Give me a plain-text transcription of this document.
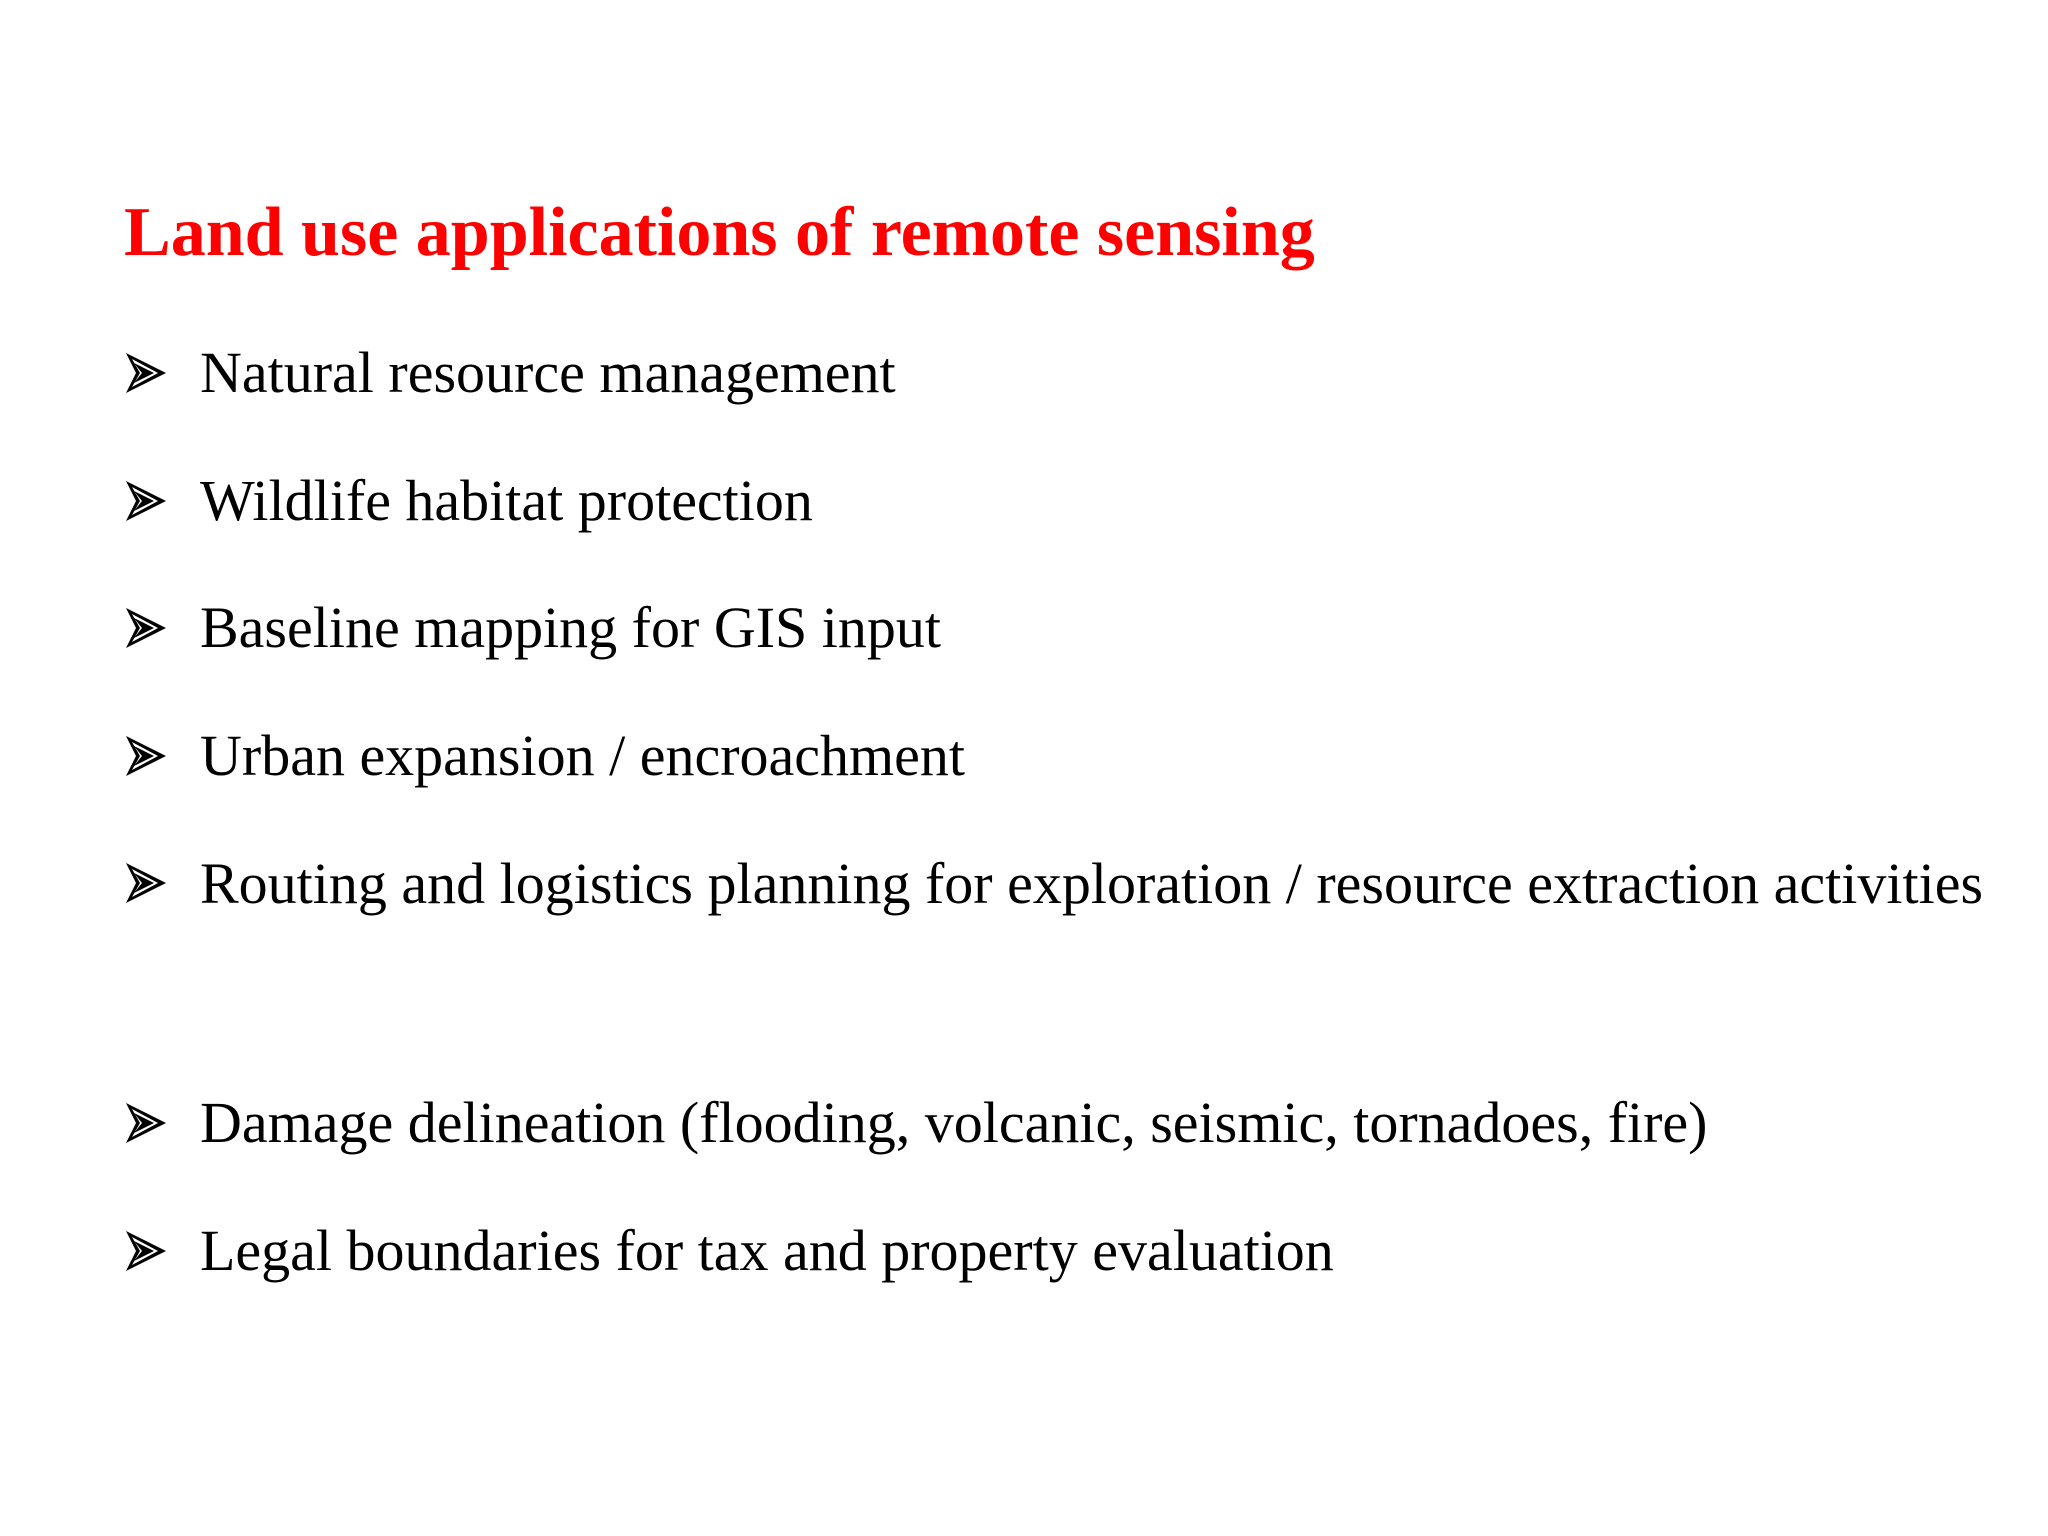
Land use applications of remote sensing
Natural resource management
Wildlife habitat protection
Baseline mapping for GIS input
Urban expansion / encroachment
Routing and logistics planning for exploration / resource extraction activities
Damage delineation (flooding, volcanic, seismic, tornadoes, fire)
Legal boundaries for tax and property evaluation
